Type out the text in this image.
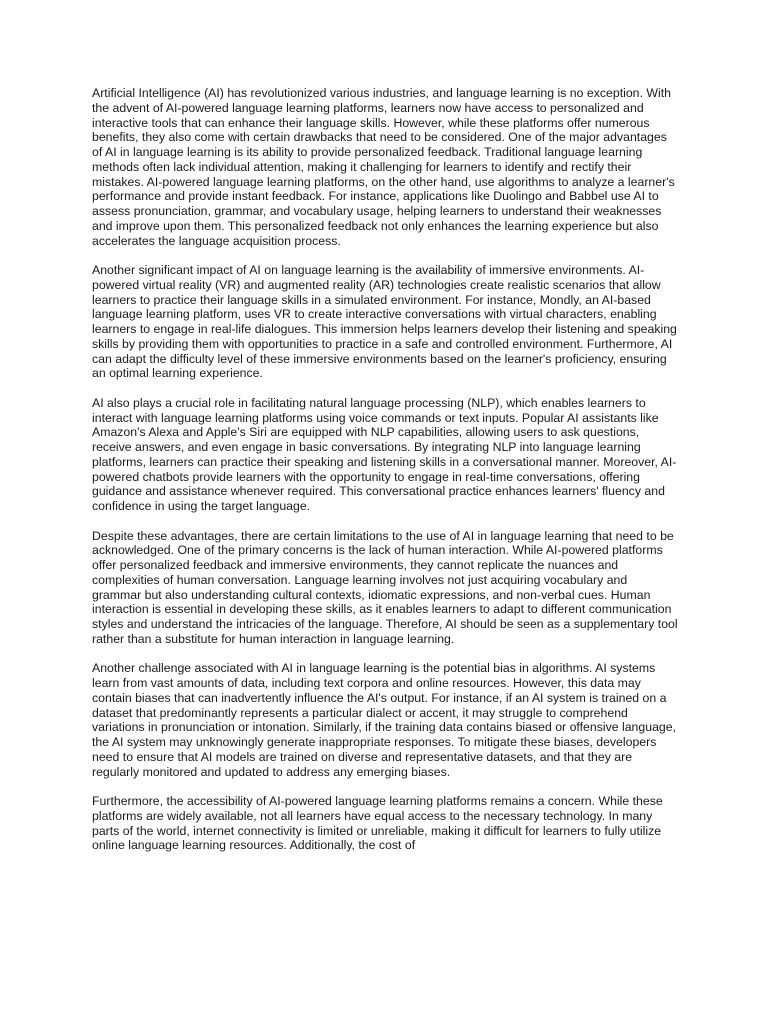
Artificial Intelligence (AI) has revolutionized various industries, and language learning is no exception. With the advent of AI-powered language learning platforms, learners now have access to personalized and interactive tools that can enhance their language skills. However, while these platforms offer numerous benefits, they also come with certain drawbacks that need to be considered. One of the major advantages of AI in language learning is its ability to provide personalized feedback. Traditional language learning methods often lack individual attention, making it challenging for learners to identify and rectify their mistakes. AI-powered language learning platforms, on the other hand, use algorithms to analyze a learner's performance and provide instant feedback. For instance, applications like Duolingo and Babbel use AI to assess pronunciation, grammar, and vocabulary usage, helping learners to understand their weaknesses and improve upon them. This personalized feedback not only enhances the learning experience but also accelerates the language acquisition process.

Another significant impact of AI on language learning is the availability of immersive environments. AI-powered virtual reality (VR) and augmented reality (AR) technologies create realistic scenarios that allow learners to practice their language skills in a simulated environment. For instance, Mondly, an AI-based language learning platform, uses VR to create interactive conversations with virtual characters, enabling learners to engage in real-life dialogues. This immersion helps learners develop their listening and speaking skills by providing them with opportunities to practice in a safe and controlled environment. Furthermore, AI can adapt the difficulty level of these immersive environments based on the learner's proficiency, ensuring an optimal learning experience.

AI also plays a crucial role in facilitating natural language processing (NLP), which enables learners to interact with language learning platforms using voice commands or text inputs. Popular AI assistants like Amazon's Alexa and Apple's Siri are equipped with NLP capabilities, allowing users to ask questions, receive answers, and even engage in basic conversations. By integrating NLP into language learning platforms, learners can practice their speaking and listening skills in a conversational manner. Moreover, AI-powered chatbots provide learners with the opportunity to engage in real-time conversations, offering guidance and assistance whenever required. This conversational practice enhances learners' fluency and confidence in using the target language.

Despite these advantages, there are certain limitations to the use of AI in language learning that need to be acknowledged. One of the primary concerns is the lack of human interaction. While AI-powered platforms offer personalized feedback and immersive environments, they cannot replicate the nuances and complexities of human conversation. Language learning involves not just acquiring vocabulary and grammar but also understanding cultural contexts, idiomatic expressions, and non-verbal cues. Human interaction is essential in developing these skills, as it enables learners to adapt to different communication styles and understand the intricacies of the language. Therefore, AI should be seen as a supplementary tool rather than a substitute for human interaction in language learning.

Another challenge associated with AI in language learning is the potential bias in algorithms. AI systems learn from vast amounts of data, including text corpora and online resources. However, this data may contain biases that can inadvertently influence the AI's output. For instance, if an AI system is trained on a dataset that predominantly represents a particular dialect or accent, it may struggle to comprehend variations in pronunciation or intonation. Similarly, if the training data contains biased or offensive language, the AI system may unknowingly generate inappropriate responses. To mitigate these biases, developers need to ensure that AI models are trained on diverse and representative datasets, and that they are regularly monitored and updated to address any emerging biases.

Furthermore, the accessibility of AI-powered language learning platforms remains a concern. While these platforms are widely available, not all learners have equal access to the necessary technology. In many parts of the world, internet connectivity is limited or unreliable, making it difficult for learners to fully utilize online language learning resources. Additionally, the cost of
